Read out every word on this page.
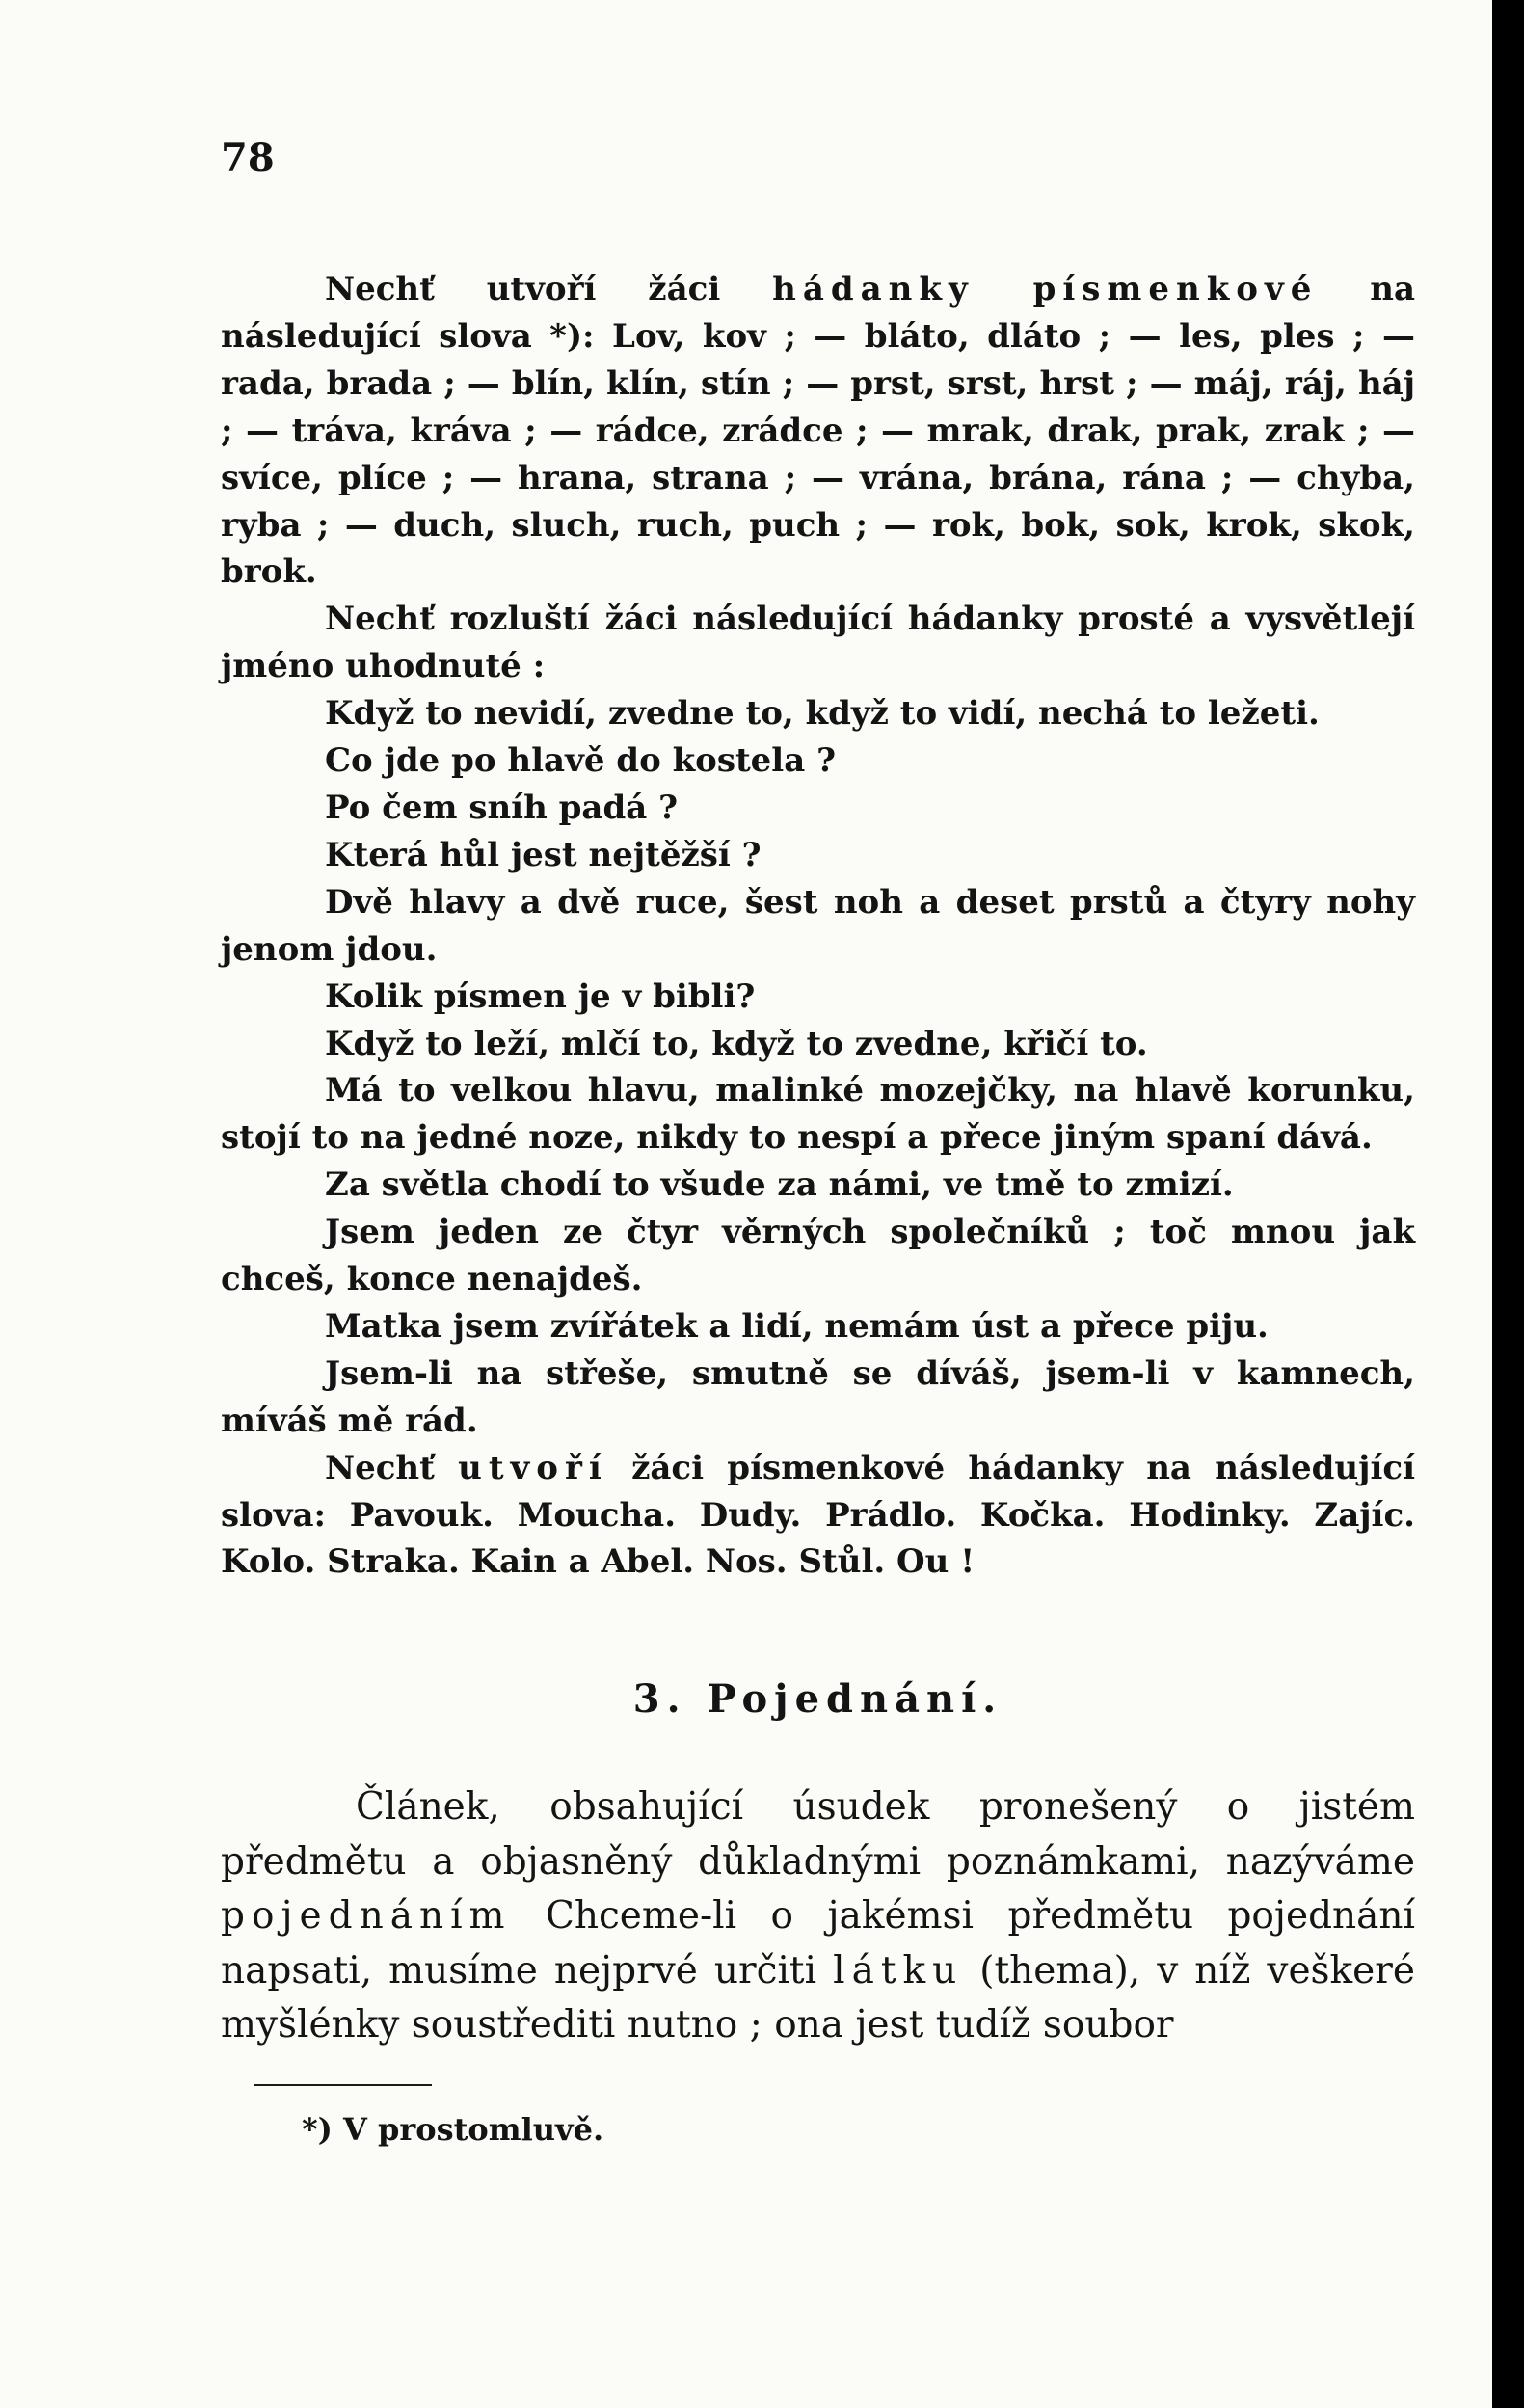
78

Nechť utvoří žáci hádanky písmenkové na následující slova *): Lov, kov ; — bláto, dláto ; — les, ples ; — rada, brada ; — blín, klín, stín ; — prst, srst, hrst ; — máj, ráj, háj ; — tráva, kráva ; — rádce, zrádce ; — mrak, drak, prak, zrak ; — svíce, plíce ; — hrana, strana ; — vrána, brána, rána ; — chyba, ryba ; — duch, sluch, ruch, puch ; — rok, bok, sok, krok, skok, brok.

Nechť rozluští žáci následující hádanky prosté a vysvětlejí jméno uhodnuté :

Když to nevidí, zvedne to, když to vidí, nechá to ležeti.

Co jde po hlavě do kostela ?

Po čem sníh padá ?

Která hůl jest nejtěžší ?

Dvě hlavy a dvě ruce, šest noh a deset prstů a čtyry nohy jenom jdou.

Kolik písmen je v bibli?

Když to leží, mlčí to, když to zvedne, křičí to.

Má to velkou hlavu, malinké mozejčky, na hlavě korunku, stojí to na jedné noze, nikdy to nespí a přece jiným spaní dává.

Za světla chodí to všude za námi, ve tmě to zmizí.

Jsem jeden ze čtyr věrných společníků ; toč mnou jak chceš, konce nenajdeš.

Matka jsem zvířátek a lidí, nemám úst a přece piju.

Jsem-li na střeše, smutně se díváš, jsem-li v kamnech, míváš mě rád.

Nechť utvoří žáci písmenkové hádanky na následující slova: Pavouk. Moucha. Dudy. Prádlo. Kočka. Hodinky. Zajíc. Kolo. Straka. Kain a Abel. Nos. Stůl. Ou !

3. Pojednání.

Článek, obsahující úsudek pronešený o jistém předmětu a objasněný důkladnými poznámkami, nazýváme pojednáním Chceme-li o jakémsi předmětu pojednání napsati, musíme nejprvé určiti látku (thema), v níž veškeré myšlénky soustřediti nutno ; ona jest tudíž soubor

*) V prostomluvě.
